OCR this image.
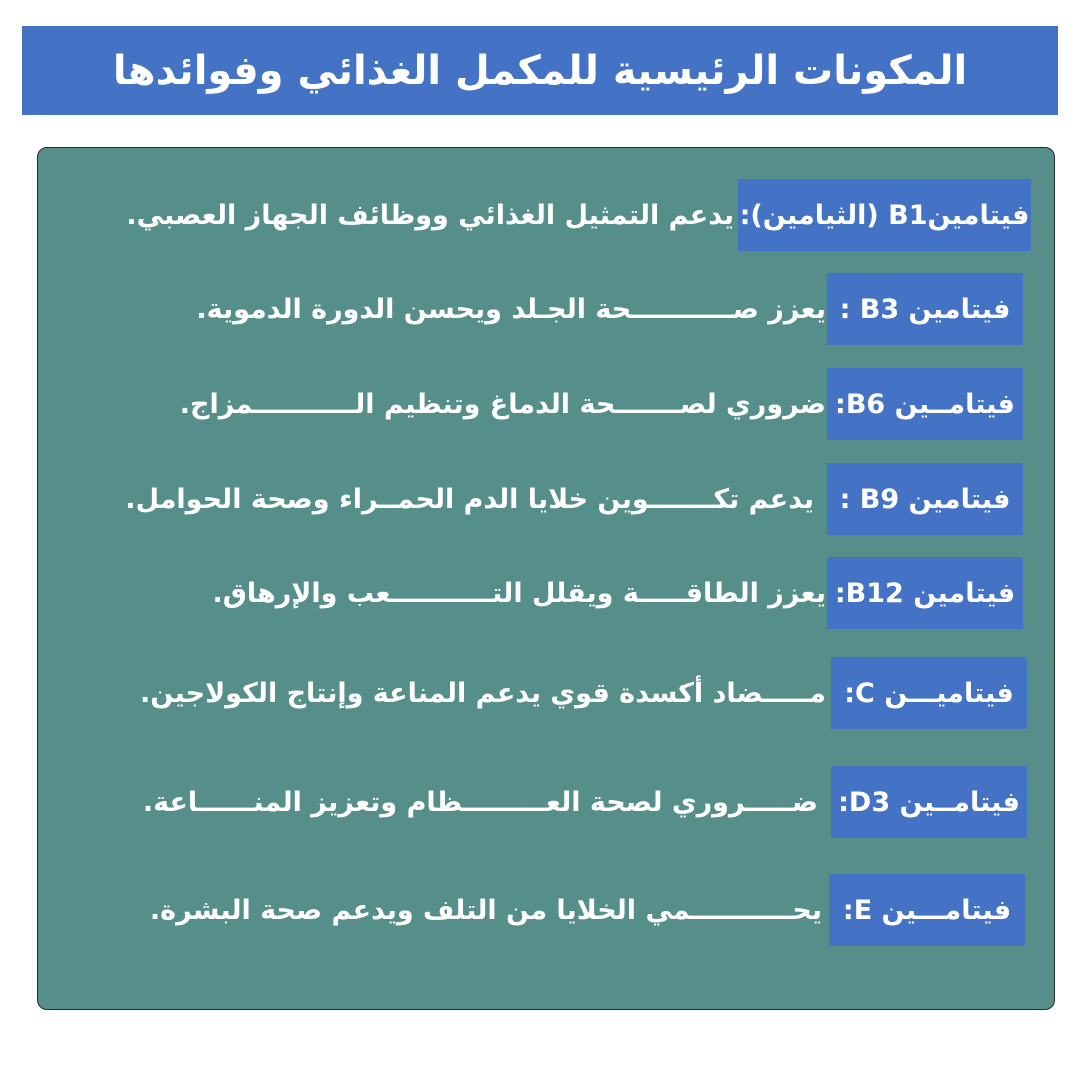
المكونات الرئيسية للمكمل الغذائي وفوائدها
فيتامينB1 (الثيامين):
يدعم التمثيل الغذائي ووظائف الجهاز العصبي.
فيتامين B3 :
يعزز صـــــــــــحة الجـلد ويحسن الدورة الدموية.
فيتامــين B6:
ضروري لصـــــــحة الدماغ وتنظيم الـــــــــــمزاج.
فيتامين B9 :
يدعم تكـــــــوين خلايا الدم الحمــراء وصحة الحوامل.
فيتامين B12:
يعزز الطاقـــــة ويقلل التـــــــــــعب والإرهاق.
فيتاميـــن C:
مـــــضاد أكسدة قوي يدعم المناعة وإنتاج الكولاجين.
فيتامــين D3:
ضـــــروري لصحة العـــــــــظام وتعزيز المنــــــاعة.
فيتامـــين E:
يحـــــــــــمي الخلايا من التلف ويدعم صحة البشرة.
